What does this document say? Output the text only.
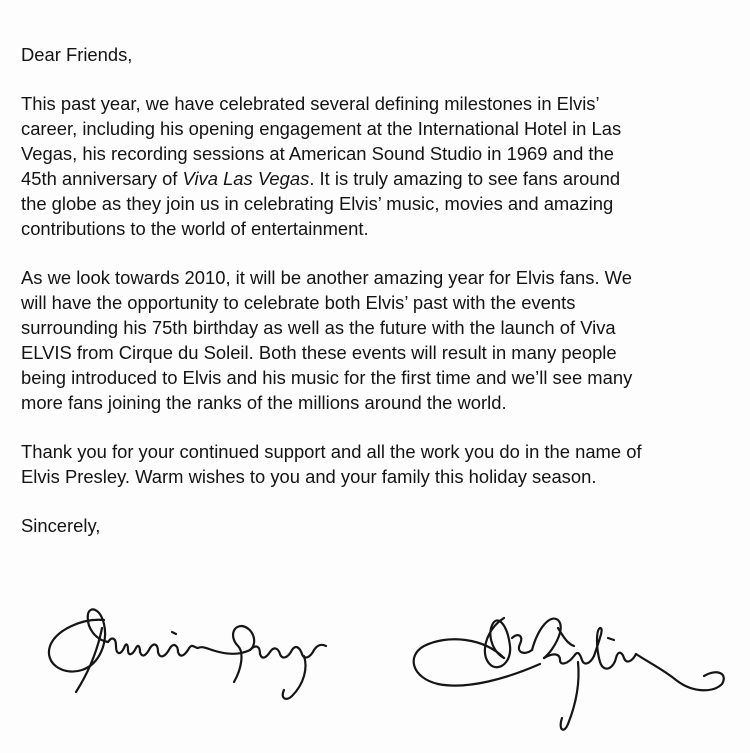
Dear Friends,

This past year, we have celebrated several defining milestones in Elvis’
career, including his opening engagement at the International Hotel in Las
Vegas, his recording sessions at American Sound Studio in 1969 and the
45th anniversary of Viva Las Vegas. It is truly amazing to see fans around
the globe as they join us in celebrating Elvis’ music, movies and amazing
contributions to the world of entertainment.
As we look towards 2010, it will be another amazing year for Elvis fans. We
will have the opportunity to celebrate both Elvis’ past with the events
surrounding his 75th birthday as well as the future with the launch of Viva
ELVIS from Cirque du Soleil. Both these events will result in many people
being introduced to Elvis and his music for the first time and we’ll see many
more fans joining the ranks of the millions around the world.
Thank you for your continued support and all the work you do in the name of
Elvis Presley. Warm wishes to you and your family this holiday season.

Sincerely,
